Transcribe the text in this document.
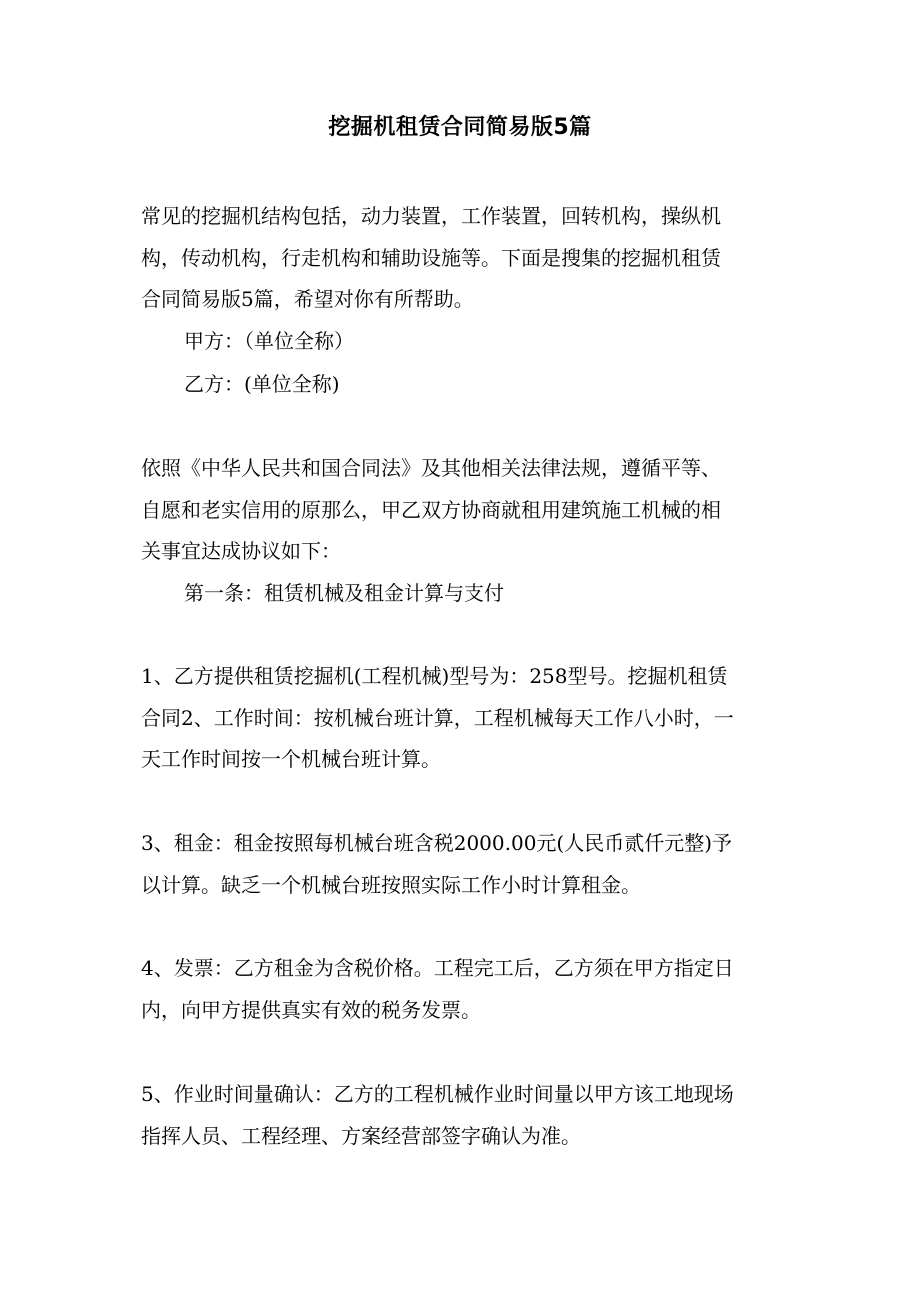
挖掘机租赁合同简易版5篇
常见的挖掘机结构包括，动力装置，工作装置，回转机构，操纵机
构，传动机构，行走机构和辅助设施等。下面是搜集的挖掘机租赁
合同简易版5篇，希望对你有所帮助。
甲方：（单位全称）
乙方：(单位全称)
依照《中华人民共和国合同法》及其他相关法律法规，遵循平等、
自愿和老实信用的原那么，甲乙双方协商就租用建筑施工机械的相
关事宜达成协议如下：
第一条：租赁机械及租金计算与支付
1、乙方提供租赁挖掘机(工程机械)型号为：258型号。挖掘机租赁
合同2、工作时间：按机械台班计算，工程机械每天工作八小时，一
天工作时间按一个机械台班计算。
3、租金：租金按照每机械台班含税2000.00元(人民币贰仟元整)予
以计算。缺乏一个机械台班按照实际工作小时计算租金。
4、发票：乙方租金为含税价格。工程完工后，乙方须在甲方指定日
内，向甲方提供真实有效的税务发票。
5、作业时间量确认：乙方的工程机械作业时间量以甲方该工地现场
指挥人员、工程经理、方案经营部签字确认为准。
